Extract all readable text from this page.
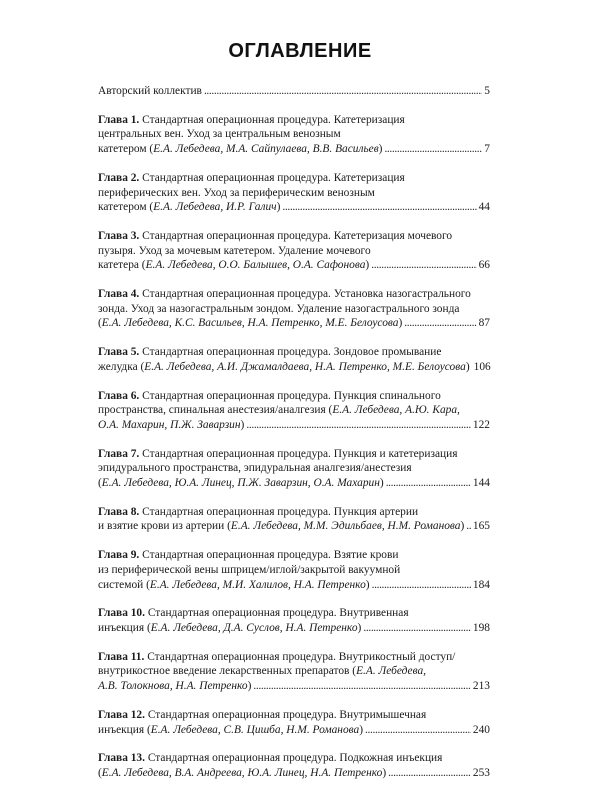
ОГЛАВЛЕНИЕ
Авторский коллектив . . .	5
Глава 1. Стандартная операционная процедура. Катетеризация
центральных вен. Уход за центральным венозным
катетером (Е.А. Лебедева, М.А. Сайпулаева, В.В. Васильев) . . .	7
Глава 2. Стандартная операционная процедура. Катетеризация
периферических вен. Уход за периферическим венозным
катетером (Е.А. Лебедева, И.Р. Галич) . . .	44
Глава 3. Стандартная операционная процедура. Катетеризация мочевого
пузыря. Уход за мочевым катетером. Удаление мочевого
катетера (Е.А. Лебедева, О.О. Балышев, О.А. Сафонова) . . .	66
Глава 4. Стандартная операционная процедура. Установка назогастрального
зонда. Уход за назогастральным зондом. Удаление назогастрального зонда
(Е.А. Лебедева, К.С. Васильев, Н.А. Петренко, М.Е. Белоусова) . . .	87
Глава 5. Стандартная операционная процедура. Зондовое промывание
желудка (Е.А. Лебедева, А.И. Джамалдаева, Н.А. Петренко, М.Е. Белоусова) 106
Глава 6. Стандартная операционная процедура. Пункция спинального
пространства, спинальная анестезия/аналгезия (Е.А. Лебедева, А.Ю. Кара,
О.А. Махарин, П.Ж. Заварзин) . . .	122
Глава 7. Стандартная операционная процедура. Пункция и катетеризация
эпидурального пространства, эпидуральная аналгезия/анестезия
(Е.А. Лебедева, Ю.А. Линец, П.Ж. Заварзин, О.А. Махарин) . . .	144
Глава 8. Стандартная операционная процедура. Пункция артерии
и взятие крови из артерии (Е.А. Лебедева, М.М. Эдильбаев, Н.М. Романова) . . . 165
Глава 9. Стандартная операционная процедура. Взятие крови
из периферической вены шприцем/иглой/закрытой вакуумной
системой (Е.А. Лебедева, М.И. Халилов, Н.А. Петренко) . . .	184
Глава 10. Стандартная операционная процедура. Внутривенная
инъекция (Е.А. Лебедева, Д.А. Суслов, Н.А. Петренко) . . .	198
Глава 11. Стандартная операционная процедура. Внутрикостный доступ/
внутрикостное введение лекарственных препаратов (Е.А. Лебедева,
А.В. Толокнова, Н.А. Петренко) . . .	213
Глава 12. Стандартная операционная процедура. Внутримышечная
инъекция (Е.А. Лебедева, С.В. Цишба, Н.М. Романова) . . .	240
Глава 13. Стандартная операционная процедура. Подкожная инъекция
(Е.А. Лебедева, В.А. Андреева, Ю.А. Линец, Н.А. Петренко) . . .	253
